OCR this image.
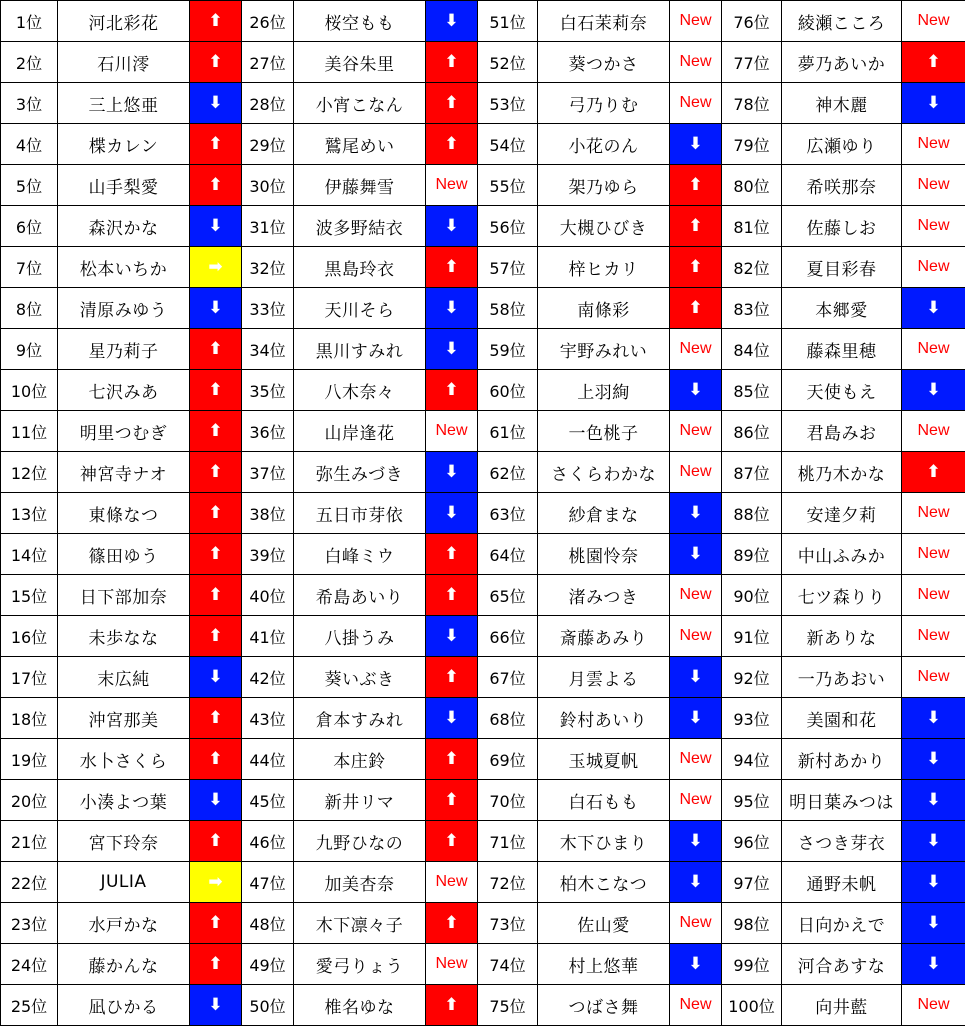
1位	河北彩花	⬆	26位	桜空もも	⬇	51位	白石茉莉奈	New	76位	綾瀬こころ	New
2位	石川澪	⬆	27位	美谷朱里	⬆	52位	葵つかさ	New	77位	夢乃あいか	⬆
3位	三上悠亜	⬇	28位	小宵こなん	⬆	53位	弓乃りむ	New	78位	神木麗	⬇
4位	楪カレン	⬆	29位	鷲尾めい	⬆	54位	小花のん	⬇	79位	広瀬ゆり	New
5位	山手梨愛	⬆	30位	伊藤舞雪	New	55位	架乃ゆら	⬆	80位	希咲那奈	New
6位	森沢かな	⬇	31位	波多野結衣	⬇	56位	大槻ひびき	⬆	81位	佐藤しお	New
7位	松本いちか	➡	32位	黒島玲衣	⬆	57位	梓ヒカリ	⬆	82位	夏目彩春	New
8位	清原みゆう	⬇	33位	天川そら	⬇	58位	南條彩	⬆	83位	本郷愛	⬇
9位	星乃莉子	⬆	34位	黒川すみれ	⬇	59位	宇野みれい	New	84位	藤森里穂	New
10位	七沢みあ	⬆	35位	八木奈々	⬆	60位	上羽絢	⬇	85位	天使もえ	⬇
11位	明里つむぎ	⬆	36位	山岸逢花	New	61位	一色桃子	New	86位	君島みお	New
12位	神宮寺ナオ	⬆	37位	弥生みづき	⬇	62位	さくらわかな	New	87位	桃乃木かな	⬆
13位	東條なつ	⬆	38位	五日市芽依	⬇	63位	紗倉まな	⬇	88位	安達夕莉	New
14位	篠田ゆう	⬆	39位	白峰ミウ	⬆	64位	桃園怜奈	⬇	89位	中山ふみか	New
15位	日下部加奈	⬆	40位	希島あいり	⬆	65位	渚みつき	New	90位	七ツ森りり	New
16位	未歩なな	⬆	41位	八掛うみ	⬇	66位	斎藤あみり	New	91位	新ありな	New
17位	末広純	⬇	42位	葵いぶき	⬆	67位	月雲よる	⬇	92位	一乃あおい	New
18位	沖宮那美	⬆	43位	倉本すみれ	⬇	68位	鈴村あいり	⬇	93位	美園和花	⬇
19位	水卜さくら	⬆	44位	本庄鈴	⬆	69位	玉城夏帆	New	94位	新村あかり	⬇
20位	小湊よつ葉	⬇	45位	新井リマ	⬆	70位	白石もも	New	95位	明日葉みつは	⬇
21位	宮下玲奈	⬆	46位	九野ひなの	⬆	71位	木下ひまり	⬇	96位	さつき芽衣	⬇
22位	JULIA	➡	47位	加美杏奈	New	72位	柏木こなつ	⬇	97位	通野未帆	⬇
23位	水戸かな	⬆	48位	木下凛々子	⬆	73位	佐山愛	New	98位	日向かえで	⬇
24位	藤かんな	⬆	49位	愛弓りょう	New	74位	村上悠華	⬇	99位	河合あすな	⬇
25位	凪ひかる	⬇	50位	椎名ゆな	⬆	75位	つばさ舞	New	100位	向井藍	New
